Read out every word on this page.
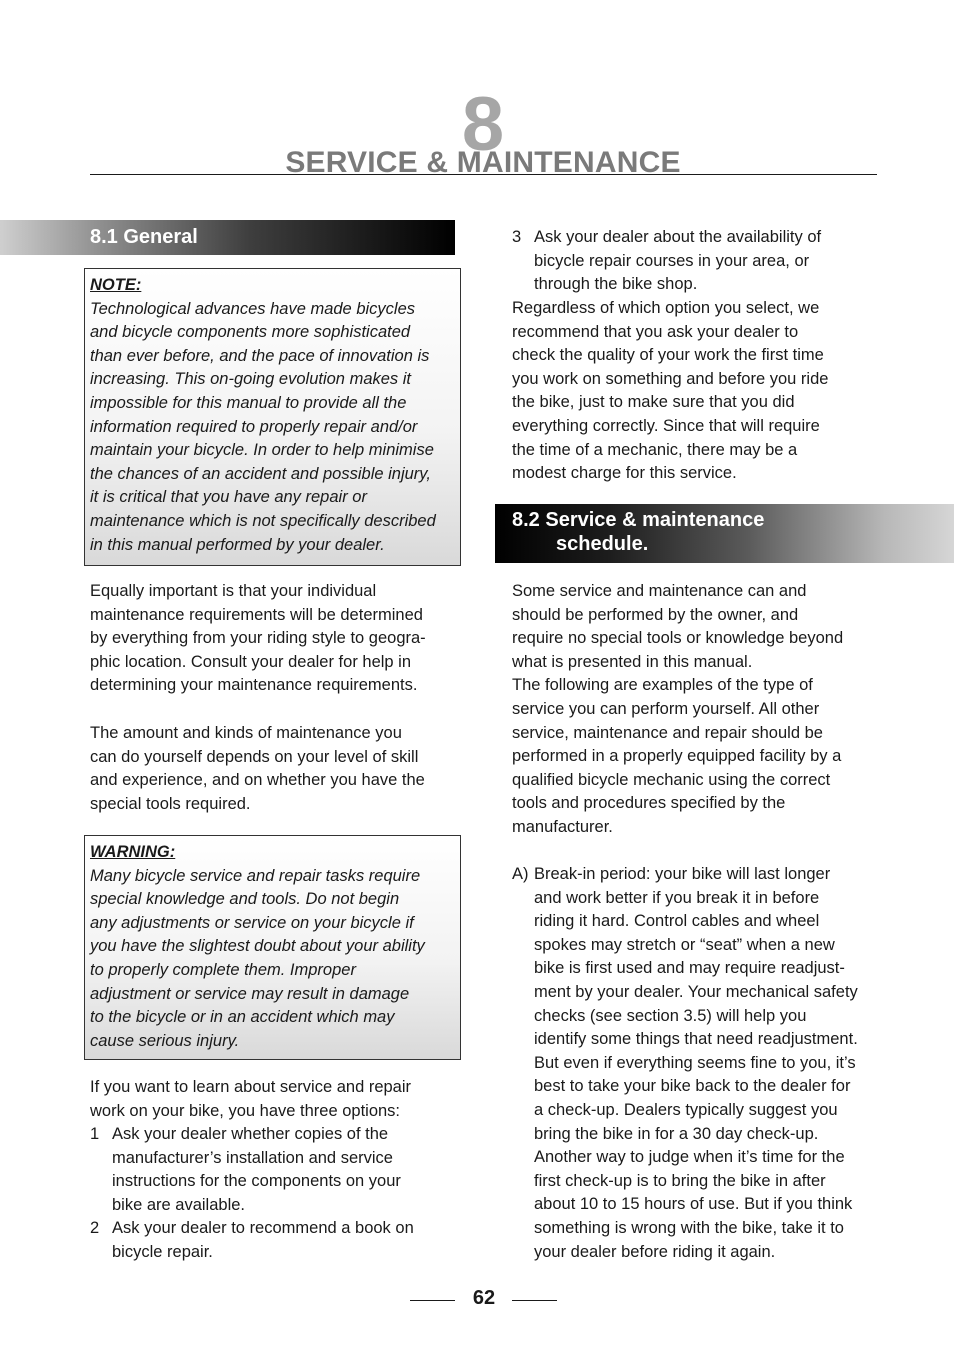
8
SERVICE & MAINTENANCE
8.1 General
NOTE:

Technological advances have made bicycles
and bicycle components more sophisticated
than ever before, and the pace of innovation is
increasing. This on-going evolution makes it
impossible for this manual to provide all the
information required to properly repair and/or
maintain your bicycle. In order to help minimise
the chances of an accident and possible injury,
it is critical that you have any repair or
maintenance which is not specifically described
in this manual performed by your dealer.

Equally important is that your individual
maintenance requirements will be determined
by everything from your riding style to geogra-
phic location. Consult your dealer for help in
determining your maintenance requirements.

The amount and kinds of maintenance you
can do yourself depends on your level of skill
and experience, and on whether you have the
special tools required.

WARNING:

Many bicycle service and repair tasks require
special knowledge and tools. Do not begin
any adjustments or service on your bicycle if
you have the slightest doubt about your ability
to properly complete them. Improper
adjustment or service may result in damage
to the bicycle or in an accident which may
cause serious injury.

If you want to learn about service and repair
work on your bike, you have three options:

1 Ask your dealer whether copies of the
manufacturer’s installation and service
instructions for the components on your
bike are available.
2 Ask your dealer to recommend a book on
bicycle repair.
3 Ask your dealer about the availability of
bicycle repair courses in your area, or
through the bike shop.

Regardless of which option you select, we
recommend that you ask your dealer to
check the quality of your work the first time
you work on something and before you ride
the bike, just to make sure that you did
everything correctly. Since that will require
the time of a mechanic, there may be a
modest charge for this service.

8.2 Service & maintenance
schedule.

Some service and maintenance can and
should be performed by the owner, and
require no special tools or knowledge beyond
what is presented in this manual.
The following are examples of the type of
service you can perform yourself. All other
service, maintenance and repair should be
performed in a properly equipped facility by a
qualified bicycle mechanic using the correct
tools and procedures specified by the
manufacturer.

A) Break-in period: your bike will last longer
and work better if you break it in before
riding it hard. Control cables and wheel
spokes may stretch or “seat” when a new
bike is first used and may require readjust-
ment by your dealer. Your mechanical safety
checks (see section 3.5) will help you
identify some things that need readjustment.
But even if everything seems fine to you, it’s
best to take your bike back to the dealer for
a check-up. Dealers typically suggest you
bring the bike in for a 30 day check-up.
Another way to judge when it’s time for the
first check-up is to bring the bike in after
about 10 to 15 hours of use. But if you think
something is wrong with the bike, take it to
your dealer before riding it again.
62
